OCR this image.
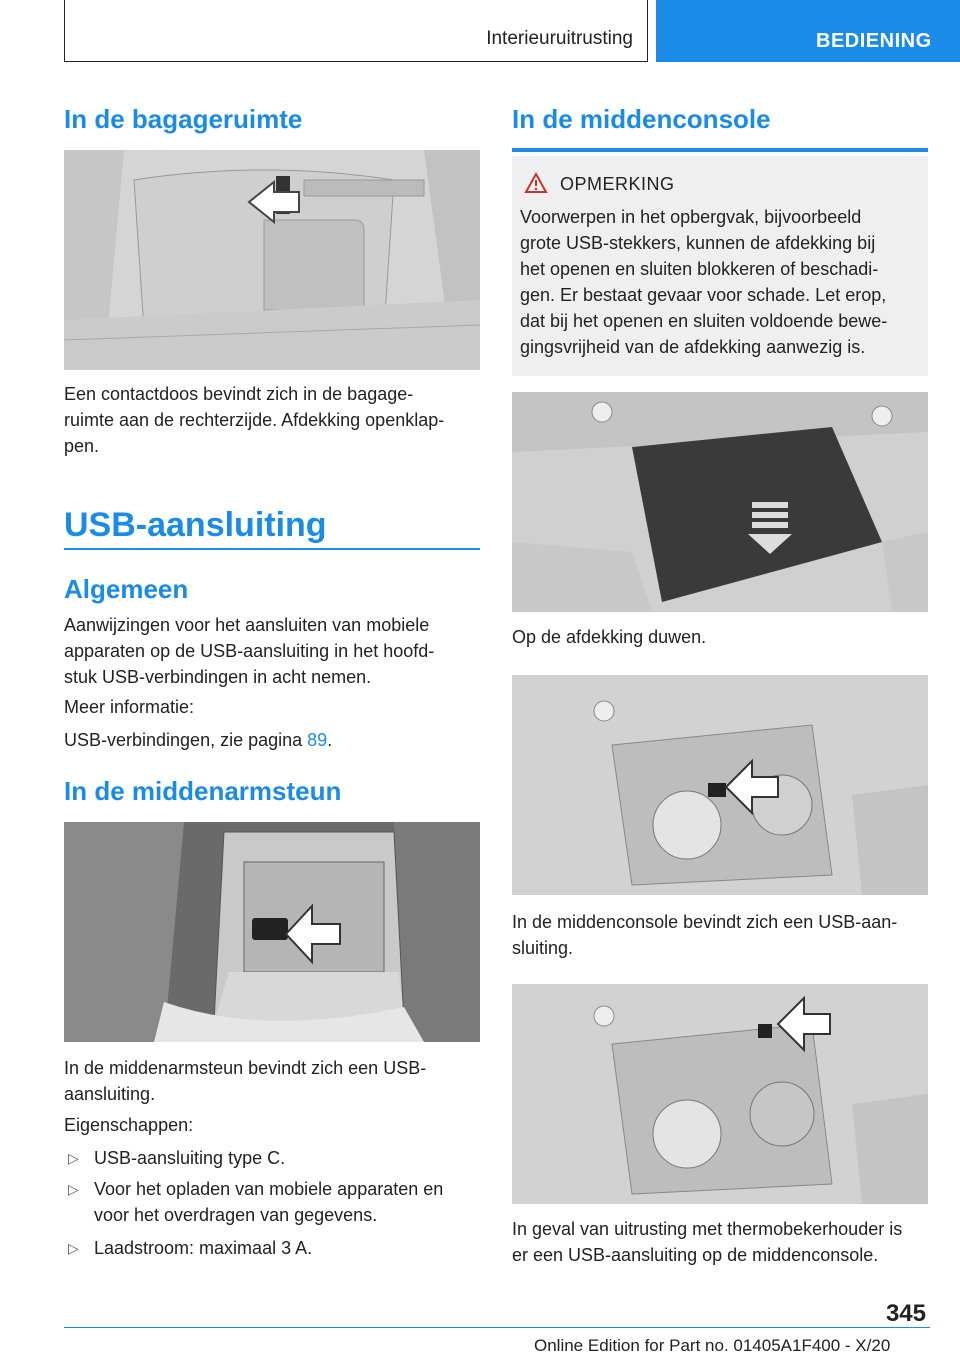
Interieuruitrusting	BEDIENING
In de bagageruimte
Een contactdoos bevindt zich in de bagage-
ruimte aan de rechterzijde. Afdekking openklap-
pen.
USB-aansluiting
Algemeen
Aanwijzingen voor het aansluiten van mobiele
apparaten op de USB-aansluiting in het hoofd-
stuk USB-verbindingen in acht nemen.
Meer informatie:
USB-verbindingen, zie pagina 89.
In de middenarmsteun
In de middenarmsteun bevindt zich een USB-
aansluiting.
Eigenschappen:
▷ USB-aansluiting type C.
▷ Voor het opladen van mobiele apparaten en
voor het overdragen van gegevens.
▷ Laadstroom: maximaal 3 A.
In de middenconsole
OPMERKING
Voorwerpen in het opbergvak, bijvoorbeeld
grote USB-stekkers, kunnen de afdekking bij
het openen en sluiten blokkeren of beschadi-
gen. Er bestaat gevaar voor schade. Let erop,
dat bij het openen en sluiten voldoende bewe-
gingsvrijheid van de afdekking aanwezig is.
Op de afdekking duwen.
In de middenconsole bevindt zich een USB-aan-
sluiting.
In geval van uitrusting met thermobekerhouder is
er een USB-aansluiting op de middenconsole.
345
Online Edition for Part no. 01405A1F400 - X/20
